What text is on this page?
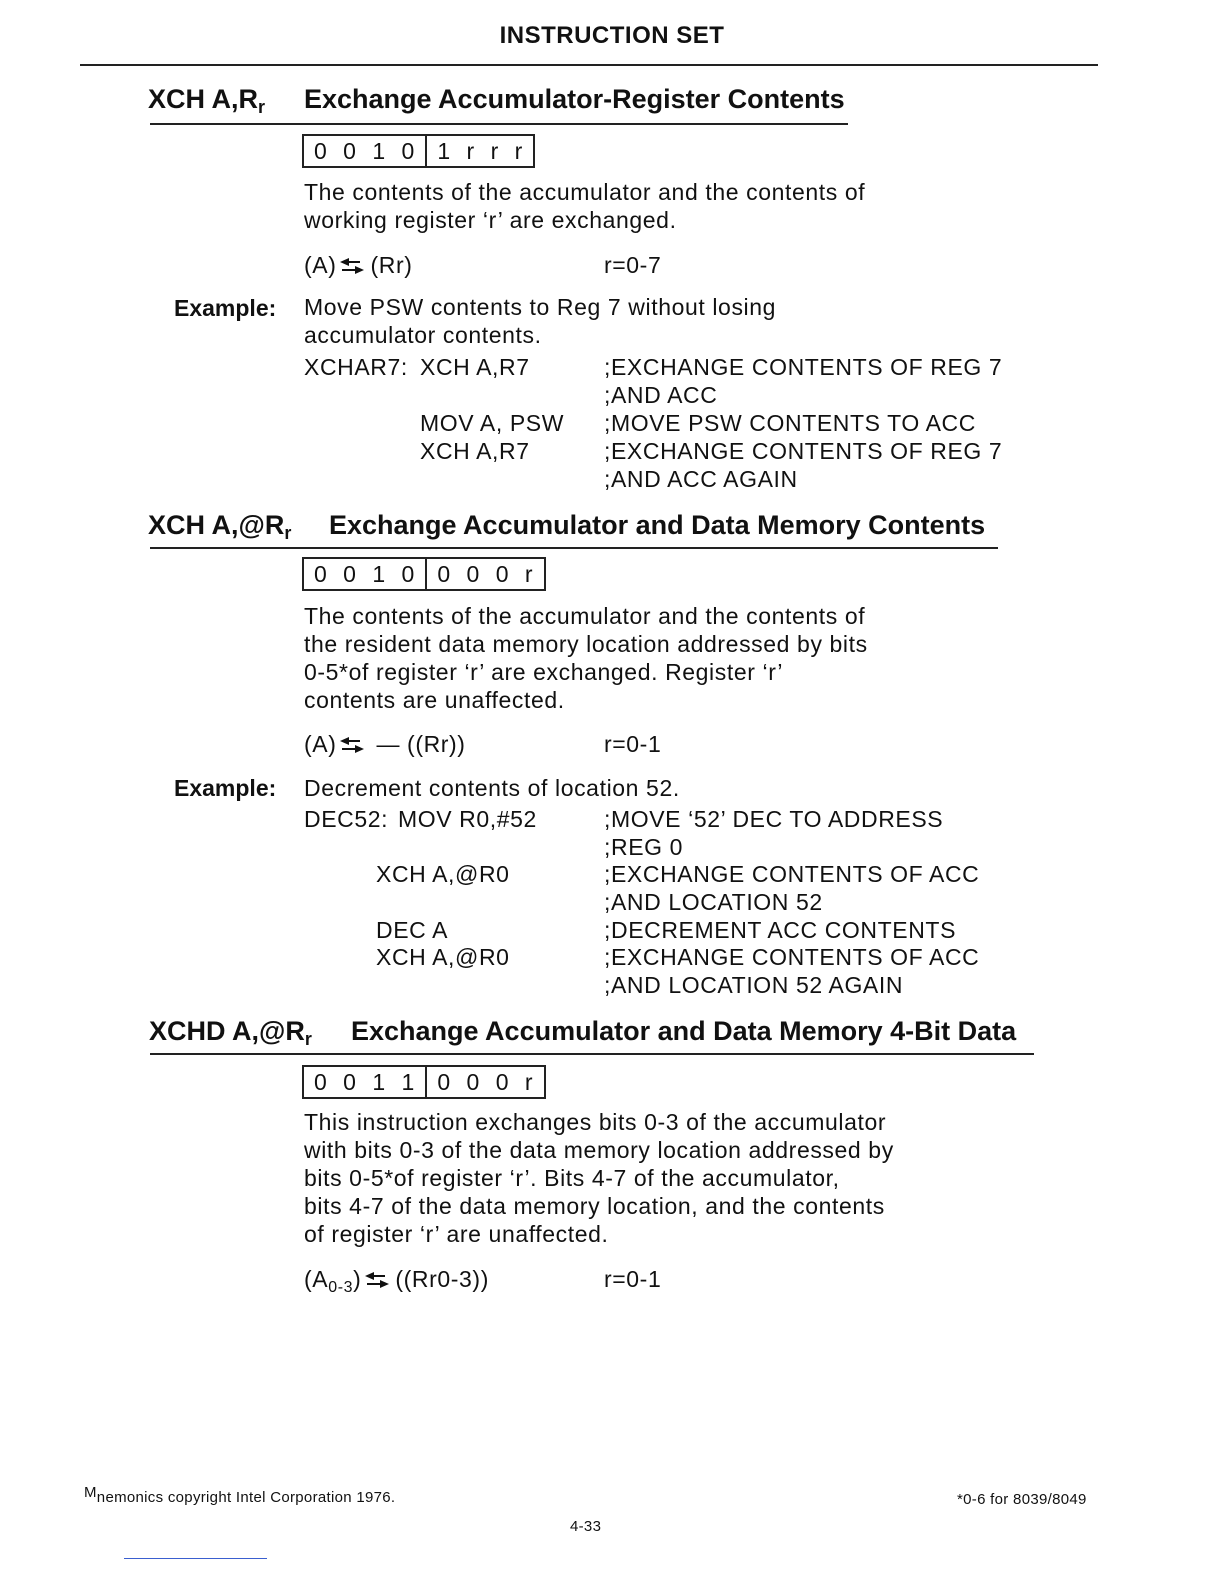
INSTRUCTION SET
XCH $A,R_r$ Exchange Accumulator-Register Contents
0 0 1 0 1 r r r
The contents of the accumulator and the contents of
working register ‘r’ are exchanged.
(A) (Rr)	r=0-7
Example: Move PSW contents to Reg 7 without losing
accumulator contents.
XCHAR7: XCH A,R7	;EXCHANGE CONTENTS OF REG 7
;AND ACC
MOV A, PSW ;MOVE PSW CONTENTS TO ACC
XCH A,R7	;EXCHANGE CONTENTS OF REG 7
;AND ACC AGAIN
XCH $A,@R_r$ Exchange Accumulator and Data Memory Contents
0 0 1 0 0 0 0 r
The contents of the accumulator and the contents of
the resident data memory location addressed by bits
0-5*of register ‘r’ are exchanged. Register ‘r’
contents are unaffected.
(A) — ((Rr))	r=0-1
Example: Decrement contents of location 52.
DEC52: MOV R0,#52	;MOVE ‘52’ DEC TO ADDRESS
;REG 0
XCH A,@R0	;EXCHANGE CONTENTS OF ACC
;AND LOCATION 52
DEC A	;DECREMENT ACC CONTENTS
XCH A,@R0	;EXCHANGE CONTENTS OF ACC
;AND LOCATION 52 AGAIN
XCHD $A,@R_r$ Exchange Accumulator and Data Memory 4-Bit Data
0 0 1 1 0 0 0 r
This instruction exchanges bits 0-3 of the accumulator
with bits 0-3 of the data memory location addressed by
bits 0-5*of register ‘r’. Bits 4-7 of the accumulator,
bits 4-7 of the data memory location, and the contents
of register ‘r’ are unaffected.
$(A_{0-3})$ ((Rr0-3))	r=0-1
Mnemonics copyright Intel Corporation 1976.	*0-6 for 8039/8049
4-33
